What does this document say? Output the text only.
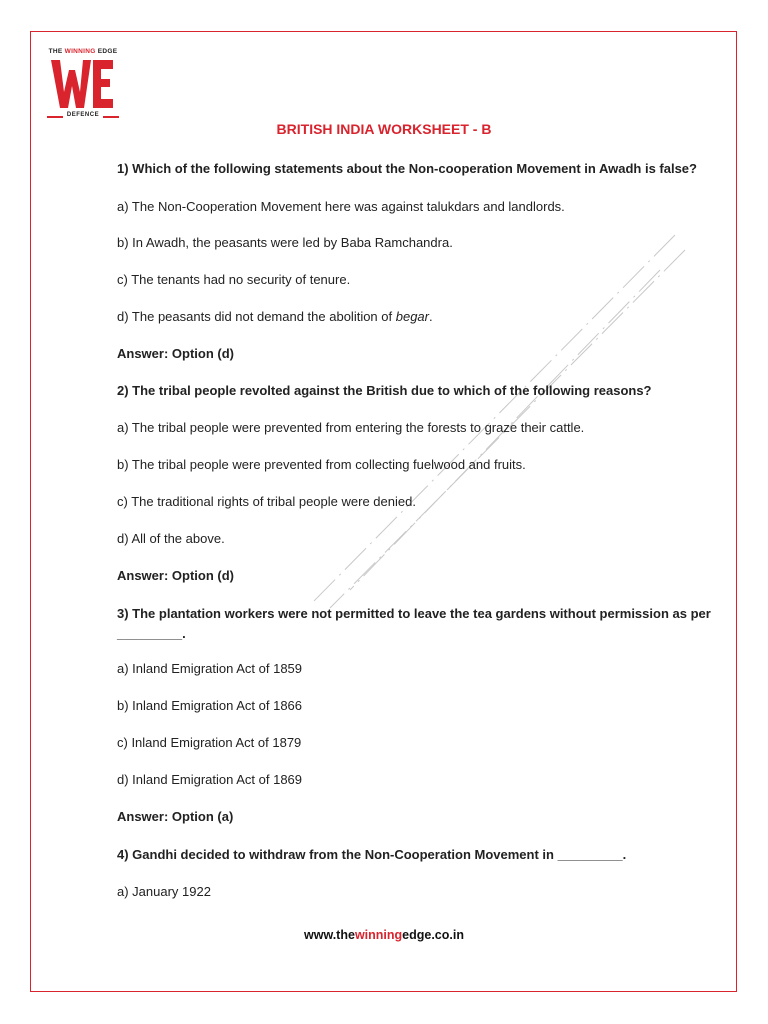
THE WINNING EDGE
DEFENCE
BRITISH INDIA WORKSHEET - B

1) Which of the following statements about the Non-cooperation Movement in Awadh is false?

a) The Non-Cooperation Movement here was against talukdars and landlords.

b) In Awadh, the peasants were led by Baba Ramchandra.

c) The tenants had no security of tenure.

d) The peasants did not demand the abolition of begar.

Answer: Option (d)

2) The tribal people revolted against the British due to which of the following reasons?

a) The tribal people were prevented from entering the forests to graze their cattle.

b) The tribal people were prevented from collecting fuelwood and fruits.

c) The traditional rights of tribal people were denied.

d) All of the above.

Answer: Option (d)

3) The plantation workers were not permitted to leave the tea gardens without permission as per _________.

a) Inland Emigration Act of 1859

b) Inland Emigration Act of 1866

c) Inland Emigration Act of 1879

d) Inland Emigration Act of 1869

Answer: Option (a)

4) Gandhi decided to withdraw from the Non-Cooperation Movement in _________.

a) January 1922

www.thewinningedge.co.in
